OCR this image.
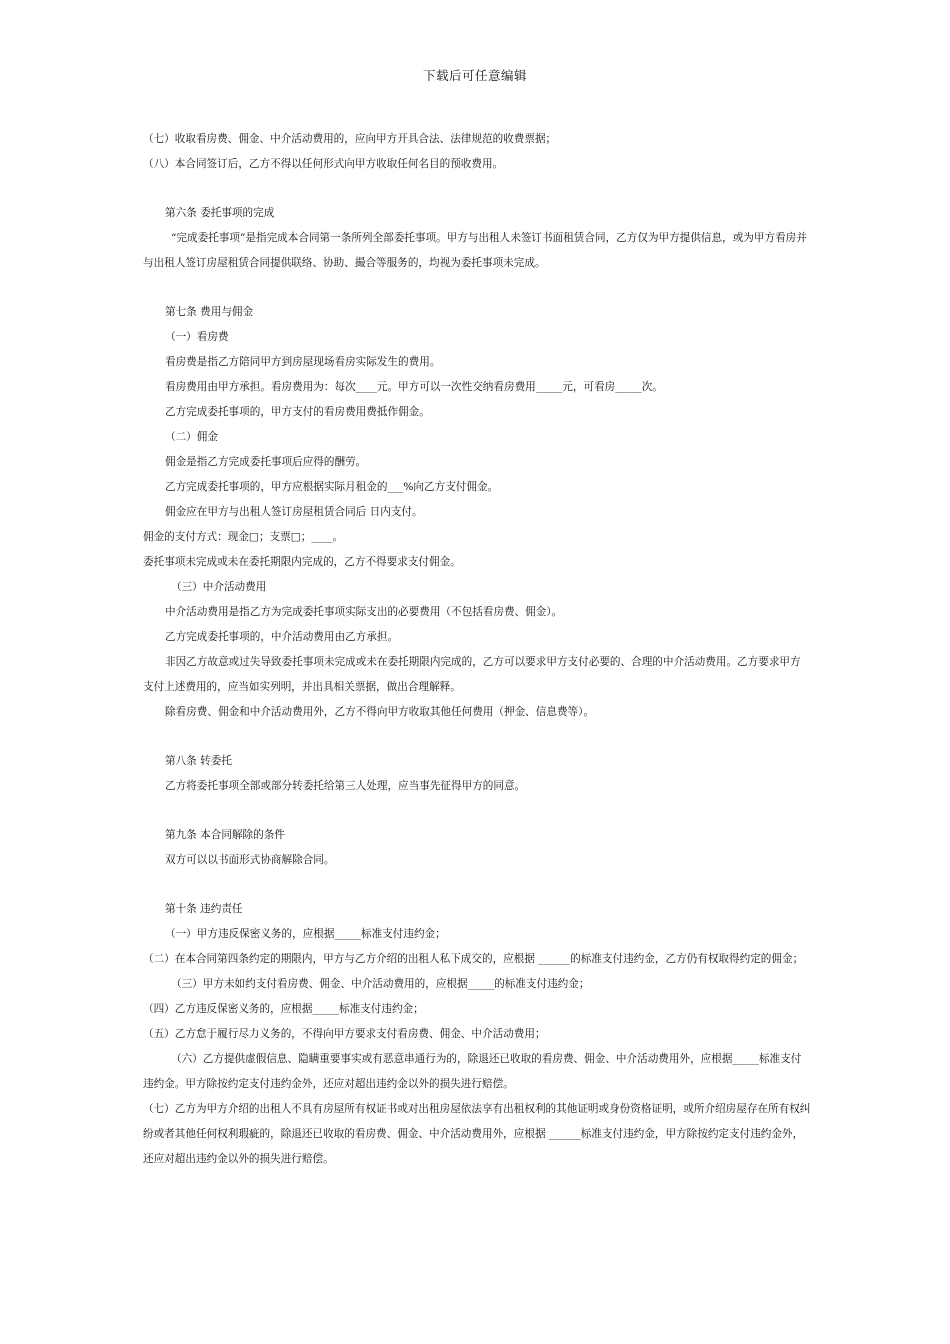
下载后可任意编辑
（七）收取看房费、佣金、中介活动费用的，应向甲方开具合法、法律规范的收费票据；
（八）本合同签订后，乙方不得以任何形式向甲方收取任何名目的预收费用。
第六条 委托事项的完成
“完成委托事项”是指完成本合同第一条所列全部委托事项。甲方与出租人未签订书面租赁合同，乙方仅为甲方提供信息，或为甲方看房并与出租人签订房屋租赁合同提供联络、协助、撮合等服务的，均视为委托事项未完成。
第七条 费用与佣金
（一）看房费
看房费是指乙方陪同甲方到房屋现场看房实际发生的费用。
看房费用由甲方承担。看房费用为：每次____元。甲方可以一次性交纳看房费用_____元，可看房_____次。
乙方完成委托事项的，甲方支付的看房费用费抵作佣金。
（二）佣金
佣金是指乙方完成委托事项后应得的酬劳。
乙方完成委托事项的，甲方应根据实际月租金的___%向乙方支付佣金。
佣金应在甲方与出租人签订房屋租赁合同后 日内支付。
佣金的支付方式：现金□；支票□；____。
委托事项未完成或未在委托期限内完成的，乙方不得要求支付佣金。
（三）中介活动费用
中介活动费用是指乙方为完成委托事项实际支出的必要费用（不包括看房费、佣金）。
乙方完成委托事项的，中介活动费用由乙方承担。
非因乙方故意或过失导致委托事项未完成或未在委托期限内完成的，乙方可以要求甲方支付必要的、合理的中介活动费用。乙方要求甲方支付上述费用的，应当如实列明，并出具相关票据，做出合理解释。
除看房费、佣金和中介活动费用外，乙方不得向甲方收取其他任何费用（押金、信息费等）。
第八条 转委托
乙方将委托事项全部或部分转委托给第三人处理，应当事先征得甲方的同意。
第九条 本合同解除的条件
双方可以以书面形式协商解除合同。
第十条 违约责任
（一）甲方违反保密义务的，应根据_____标准支付违约金；
（二）在本合同第四条约定的期限内，甲方与乙方介绍的出租人私下成交的，应根据 ______的标准支付违约金，乙方仍有权取得约定的佣金；
（三）甲方未如约支付看房费、佣金、中介活动费用的，应根据_____的标准支付违约金；
（四）乙方违反保密义务的，应根据_____标准支付违约金；
（五）乙方怠于履行尽力义务的，不得向甲方要求支付看房费、佣金、中介活动费用；
（六）乙方提供虚假信息、隐瞒重要事实或有恶意串通行为的，除退还已收取的看房费、佣金、中介活动费用外，应根据_____标准支付违约金。甲方除按约定支付违约金外，还应对超出违约金以外的损失进行赔偿。
（七）乙方为甲方介绍的出租人不具有房屋所有权证书或对出租房屋依法享有出租权利的其他证明或身份资格证明，或所介绍房屋存在所有权纠纷或者其他任何权利瑕疵的，除退还已收取的看房费、佣金、中介活动费用外，应根据 ______标准支付违约金，甲方除按约定支付违约金外，还应对超出违约金以外的损失进行赔偿。
